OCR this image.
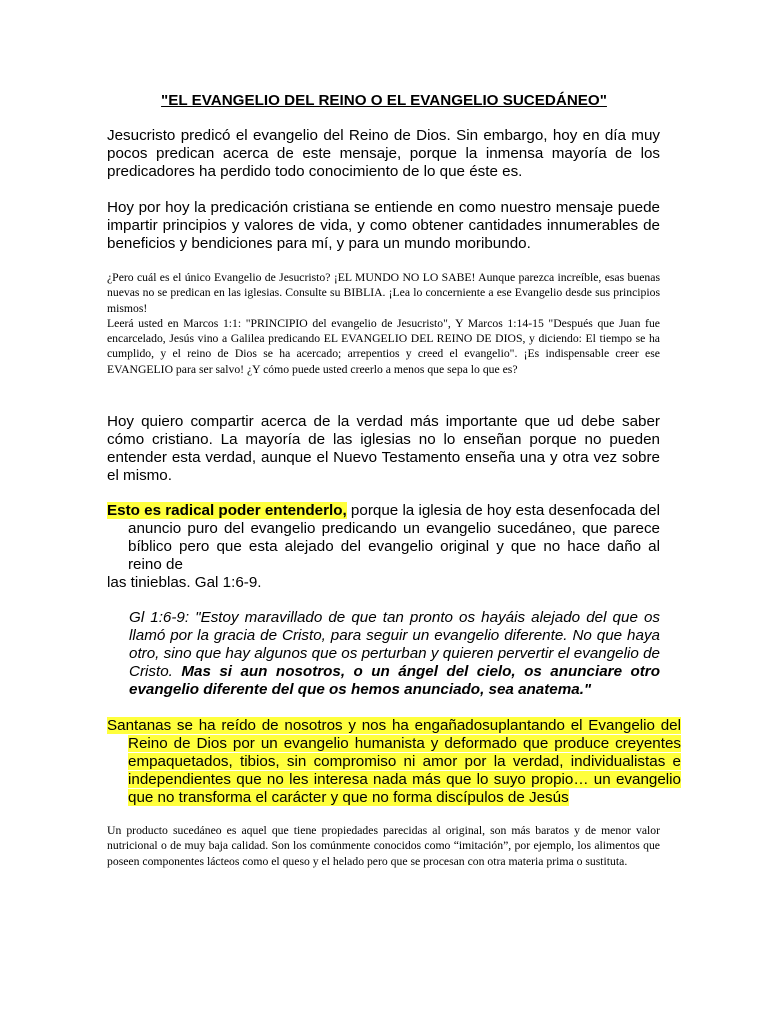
"EL EVANGELIO DEL REINO O EL EVANGELIO SUCEDÁNEO"

Jesucristo predicó el evangelio del Reino de Dios. Sin embargo, hoy en día muy pocos predican acerca de este mensaje, porque la inmensa mayoría de los predicadores ha perdido todo conocimiento de lo que éste es.

Hoy por hoy la predicación cristiana se entiende en como nuestro mensaje puede impartir principios y valores de vida, y como obtener cantidades innumerables de beneficios y bendiciones para mí, y para un mundo moribundo.

¿Pero cuál es el único Evangelio de Jesucristo? ¡EL MUNDO NO LO SABE! Aunque parezca increíble, esas buenas nuevas no se predican en las iglesias. Consulte su BIBLIA. ¡Lea lo concerniente a ese Evangelio desde sus principios mismos!
Leerá usted en Marcos 1:1: "PRINCIPIO del evangelio de Jesucristo", Y Marcos 1:14-15 "Después que Juan fue encarcelado, Jesús vino a Galilea predicando EL EVANGELIO DEL REINO DE DIOS, y diciendo: El tiempo se ha cumplido, y el reino de Dios se ha acercado; arrepentios y creed el evangelio". ¡Es indispensable creer ese EVANGELIO para ser salvo! ¿Y cómo puede usted creerlo a menos que sepa lo que es?

Hoy quiero compartir acerca de la verdad más importante que ud debe saber cómo cristiano. La mayoría de las iglesias no lo enseñan porque no pueden entender esta verdad, aunque el Nuevo Testamento enseña una y otra vez sobre el mismo.

Esto es radical poder entenderlo, porque la iglesia de hoy esta desenfocada del anuncio puro del evangelio predicando un evangelio sucedáneo, que parece bíblico pero que esta alejado del evangelio original y que no hace daño al reino de
las tinieblas. Gal 1:6-9.
Gl 1:6-9: "Estoy maravillado de que tan pronto os hayáis alejado del que os llamó por la gracia de Cristo, para seguir un evangelio diferente. No que haya otro, sino que hay algunos que os perturban y quieren pervertir el evangelio de Cristo. Mas si aun nosotros, o un ángel del cielo, os anunciare otro evangelio diferente del que os hemos anunciado, sea anatema."
Santanas se ha reído de nosotros y nos ha engañadosuplantando el Evangelio del Reino de Dios por un evangelio humanista y deformado que produce creyentes empaquetados, tibios, sin compromiso ni amor por la verdad, individualistas e independientes que no les interesa nada más que lo suyo propio… un evangelio que no transforma el carácter y que no forma discípulos de Jesús

Un producto sucedáneo es aquel que tiene propiedades parecidas al original, son más baratos y de menor valor nutricional o de muy baja calidad. Son los comúnmente conocidos como “imitación”, por ejemplo, los alimentos que poseen componentes lácteos como el queso y el helado pero que se procesan con otra materia prima o sustituta.
